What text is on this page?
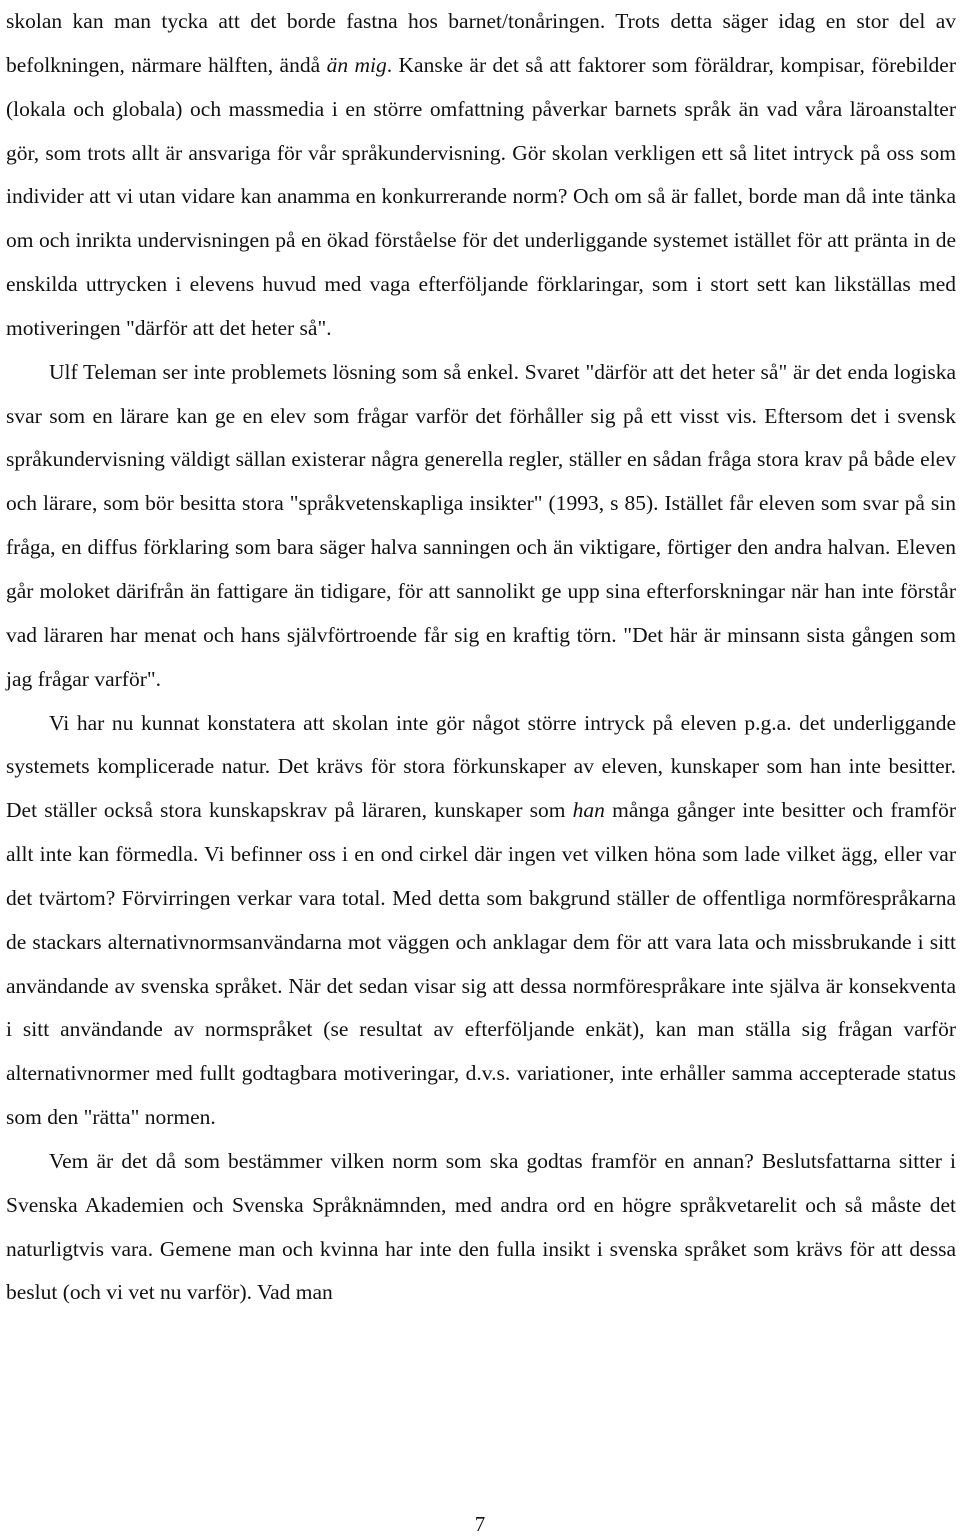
skolan kan man tycka att det borde fastna hos barnet/tonåringen. Trots detta säger idag en stor del av befolkningen, närmare hälften, ändå än mig. Kanske är det så att faktorer som föräldrar, kompisar, förebilder (lokala och globala) och massmedia i en större omfattning påverkar barnets språk än vad våra läroanstalter gör, som trots allt är ansvariga för vår språkundervisning. Gör skolan verkligen ett så litet intryck på oss som individer att vi utan vidare kan anamma en konkurrerande norm? Och om så är fallet, borde man då inte tänka om och inrikta undervisningen på en ökad förståelse för det underliggande systemet istället för att pränta in de enskilda uttrycken i elevens huvud med vaga efterföljande förklaringar, som i stort sett kan likställas med motiveringen "därför att det heter så".

Ulf Teleman ser inte problemets lösning som så enkel. Svaret "därför att det heter så" är det enda logiska svar som en lärare kan ge en elev som frågar varför det förhåller sig på ett visst vis. Eftersom det i svensk språkundervisning väldigt sällan existerar några generella regler, ställer en sådan fråga stora krav på både elev och lärare, som bör besitta stora "språkvetenskapliga insikter" (1993, s 85). Istället får eleven som svar på sin fråga, en diffus förklaring som bara säger halva sanningen och än viktigare, förtiger den andra halvan. Eleven går moloket därifrån än fattigare än tidigare, för att sannolikt ge upp sina efterforskningar när han inte förstår vad läraren har menat och hans självförtroende får sig en kraftig törn. "Det här är minsann sista gången som jag frågar varför".

Vi har nu kunnat konstatera att skolan inte gör något större intryck på eleven p.g.a. det underliggande systemets komplicerade natur. Det krävs för stora förkunskaper av eleven, kunskaper som han inte besitter. Det ställer också stora kunskapskrav på läraren, kunskaper som han många gånger inte besitter och framför allt inte kan förmedla. Vi befinner oss i en ond cirkel där ingen vet vilken höna som lade vilket ägg, eller var det tvärtom? Förvirringen verkar vara total. Med detta som bakgrund ställer de offentliga normförespråkarna de stackars alternativnormsanvändarna mot väggen och anklagar dem för att vara lata och missbrukande i sitt användande av svenska språket. När det sedan visar sig att dessa normförespråkare inte själva är konsekventa i sitt användande av normspråket (se resultat av efterföljande enkät), kan man ställa sig frågan varför alternativnormer med fullt godtagbara motiveringar, d.v.s. variationer, inte erhåller samma accepterade status som den "rätta" normen.

Vem är det då som bestämmer vilken norm som ska godtas framför en annan? Beslutsfattarna sitter i Svenska Akademien och Svenska Språknämnden, med andra ord en högre språkvetarelit och så måste det naturligtvis vara. Gemene man och kvinna har inte den fulla insikt i svenska språket som krävs för att dessa beslut (och vi vet nu varför). Vad man

7
